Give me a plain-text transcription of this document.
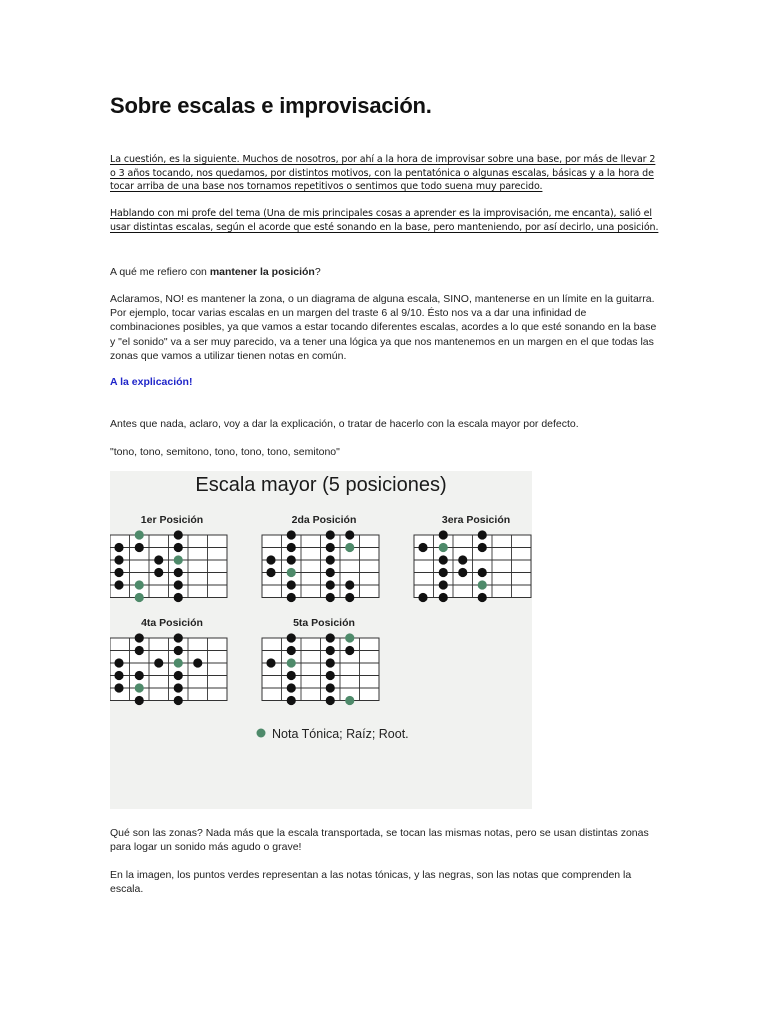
Sobre escalas e improvisación.

La cuestión, es la siguiente. Muchos de nosotros, por ahí a la hora de improvisar sobre una base, por más de llevar 2 o 3 años tocando, nos quedamos, por distintos motivos, con la pentatónica o algunas escalas, básicas y a la hora de tocar arriba de una base nos tornamos repetitivos o sentimos que todo suena muy parecido.

Hablando con mi profe del tema (Una de mis principales cosas a aprender es la improvisación, me encanta), salió el usar distintas escalas, según el acorde que esté sonando en la base, pero manteniendo, por así decirlo, una posición.

A qué me refiero con mantener la posición?

Aclaramos, NO! es mantener la zona, o un diagrama de alguna escala, SINO, mantenerse en un límite en la guitarra. Por ejemplo, tocar varias escalas en un margen del traste 6 al 9/10. Ésto nos va a dar una infinidad de combinaciones posibles, ya que vamos a estar tocando diferentes escalas, acordes a lo que esté sonando en la base y "el sonido" va a ser muy parecido, va a tener una lógica ya que nos mantenemos en un margen en el que todas las zonas que vamos a utilizar tienen notas en común.

A la explicación!

Antes que nada, aclaro, voy a dar la explicación, o tratar de hacerlo con la escala mayor por defecto.

"tono, tono, semitono, tono, tono, tono, semitono"

Escala mayor (5 posiciones)
1er Posición	2da Posición	3era Posición
4ta Posición	5ta Posición
Nota Tónica; Raíz; Root.

Qué son las zonas? Nada más que la escala transportada, se tocan las mismas notas, pero se usan distintas zonas para logar un sonido más agudo o grave!

En la imagen, los puntos verdes representan a las notas tónicas, y las negras, son las notas que comprenden la escala.
